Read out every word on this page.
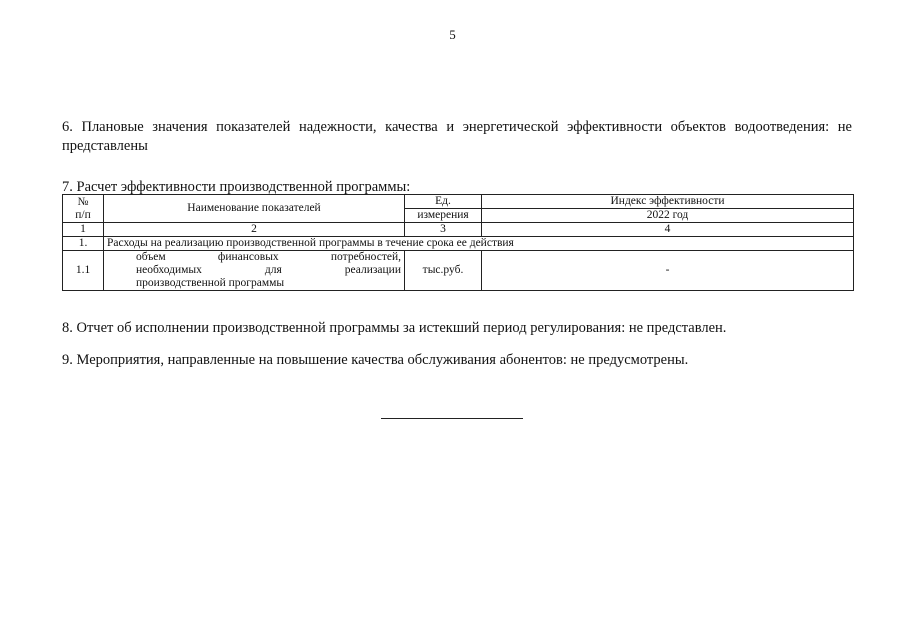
5
6. Плановые значения показателей надежности, качества и энергетической эффективности объектов водоотведения: не представлены
7. Расчет эффективности производственной программы:
№
п/п	Наименование показателей	Ед.	Индекс эффективности
		измерения	2022 год
1	2	3	4
1.	Расходы на реализацию производственной программы в течение срока ее действия		
1.1	объем финансовых потребностей,
необходимых для реализации
производственной программы	тыс.руб.	-
8. Отчет об исполнении производственной программы за истекший период регулирования: не представлен.
9. Мероприятия, направленные на повышение качества обслуживания абонентов: не предусмотрены.
